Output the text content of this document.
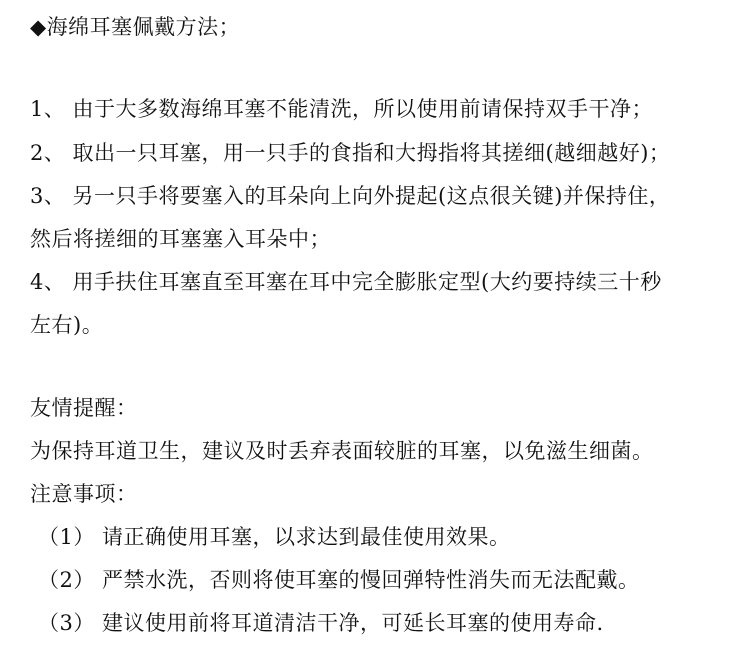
◆海绵耳塞佩戴方法；
1、 由于大多数海绵耳塞不能清洗，所以使用前请保持双手干净；
2、 取出一只耳塞，用一只手的食指和大拇指将其搓细(越细越好)；
3、 另一只手将要塞入的耳朵向上向外提起(这点很关键)并保持住，
然后将搓细的耳塞塞入耳朵中；
4、 用手扶住耳塞直至耳塞在耳中完全膨胀定型(大约要持续三十秒
左右)。
友情提醒：
为保持耳道卫生，建议及时丢弃表面较脏的耳塞，以免滋生细菌。
注意事项：
（1） 请正确使用耳塞，以求达到最佳使用效果。
（2） 严禁水洗，否则将使耳塞的慢回弹特性消失而无法配戴。
（3） 建议使用前将耳道清洁干净，可延长耳塞的使用寿命.
